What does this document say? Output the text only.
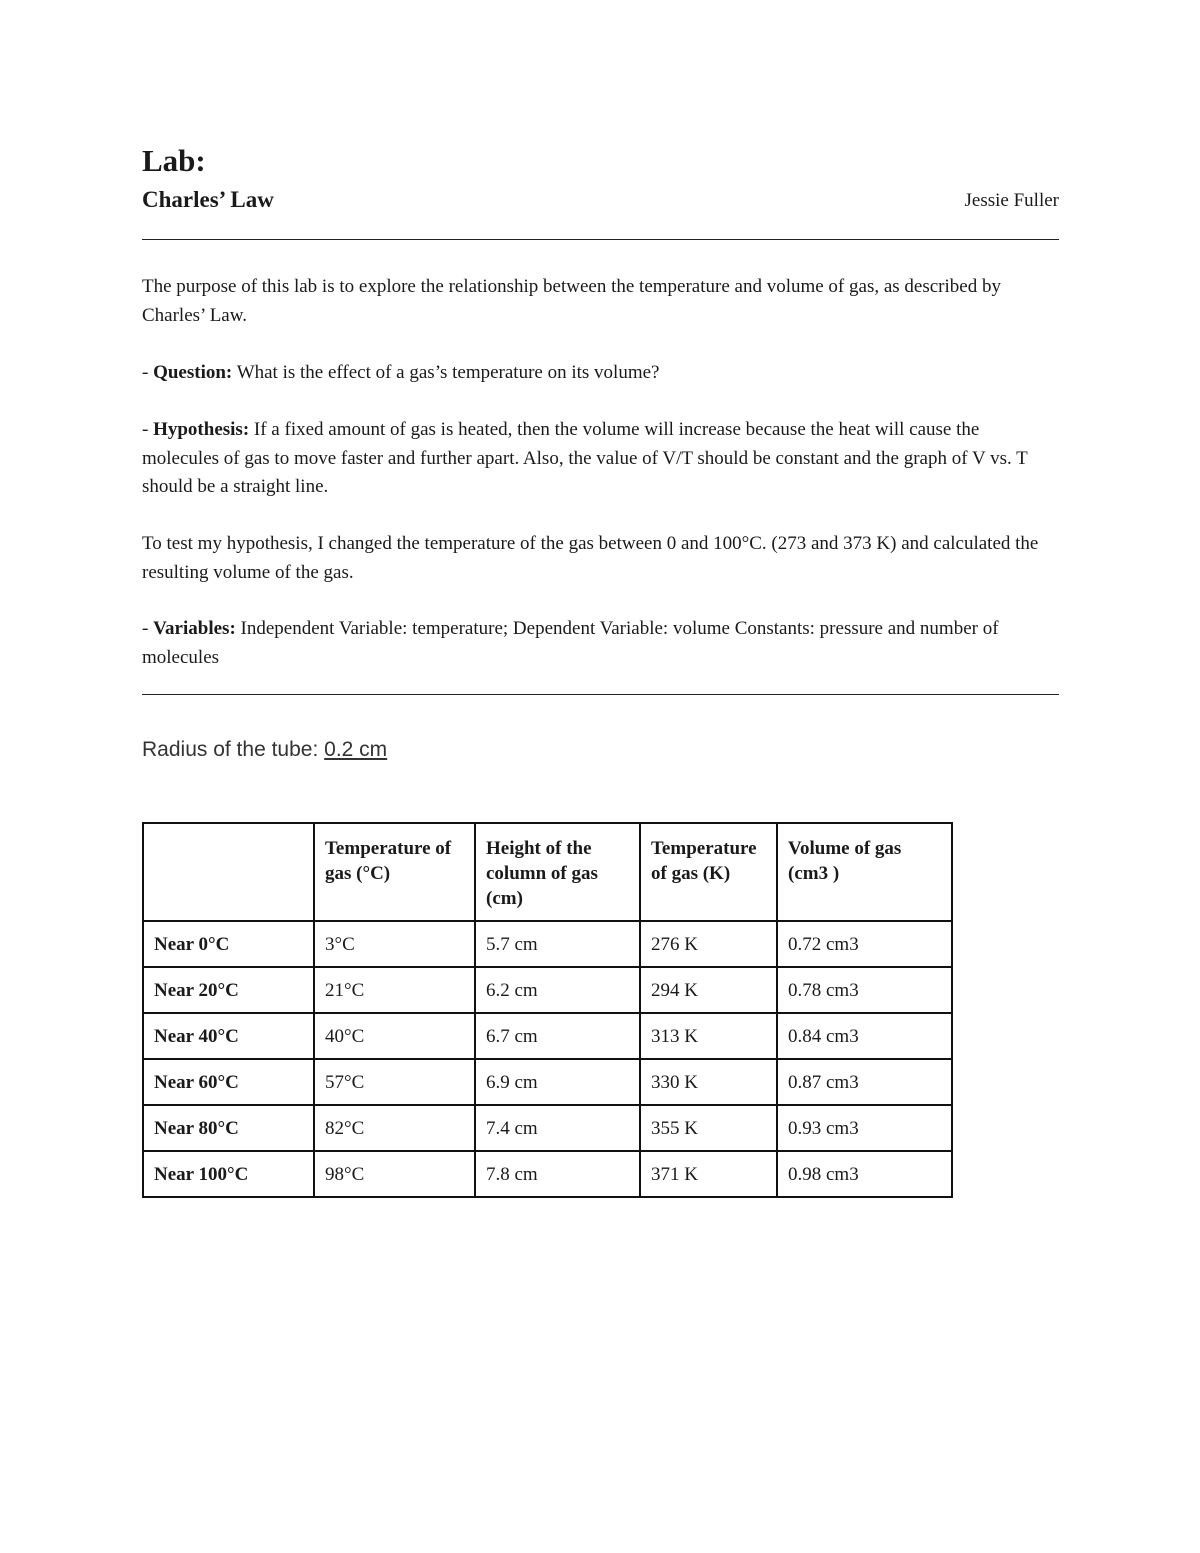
Lab:
Charles’ Law	Jessie Fuller
The purpose of this lab is to explore the relationship between the temperature and volume of gas, as described by Charles’ Law.
- Question: What is the effect of a gas’s temperature on its volume?
- Hypothesis: If a fixed amount of gas is heated, then the volume will increase because the heat will cause the molecules of gas to move faster and further apart. Also, the value of V/T should be constant and the graph of V vs. T should be a straight line.
To test my hypothesis, I changed the temperature of the gas between 0 and 100°C. (273 and 373 K) and calculated the resulting volume of the gas.
- Variables: Independent Variable: temperature; Dependent Variable: volume Constants: pressure and number of molecules
Radius of the tube: 0.2 cm
	Temperature of gas (°C)	Height of the column of gas (cm)	Temperature of gas (K)	Volume of gas (cm3 )
Near 0°C	3°C	5.7 cm	276 K	0.72 cm3
Near 20°C	21°C	6.2 cm	294 K	0.78 cm3
Near 40°C	40°C	6.7 cm	313 K	0.84 cm3
Near 60°C	57°C	6.9 cm	330 K	0.87 cm3
Near 80°C	82°C	7.4 cm	355 K	0.93 cm3
Near 100°C	98°C	7.8 cm	371 K	0.98 cm3
